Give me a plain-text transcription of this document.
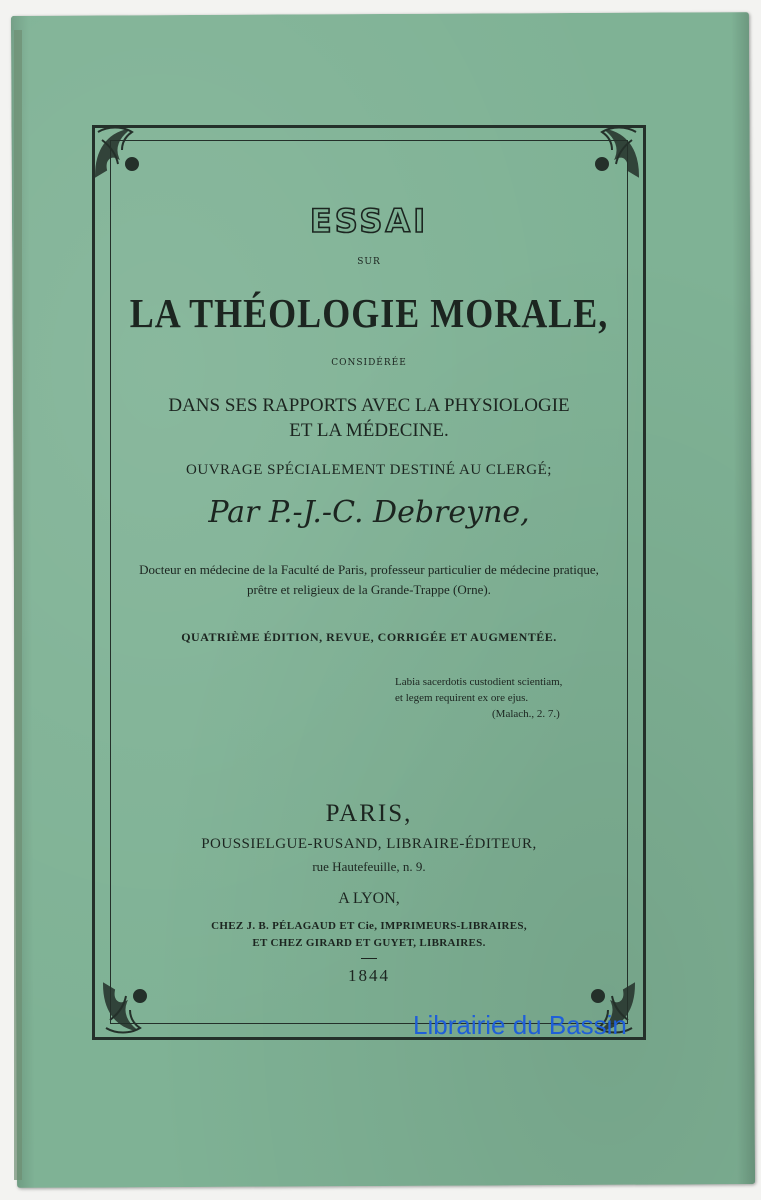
ESSAI
SUR
LA THÉOLOGIE MORALE,
CONSIDÉRÉE
DANS SES RAPPORTS AVEC LA PHYSIOLOGIE
ET LA MÉDECINE.
OUVRAGE SPÉCIALEMENT DESTINÉ AU CLERGÉ;
Par P.-J.-C. Debreyne,
Docteur en médecine de la Faculté de Paris, professeur particulier de médecine pratique,
prêtre et religieux de la Grande-Trappe (Orne).
QUATRIÈME ÉDITION, REVUE, CORRIGÉE ET AUGMENTÉE.
Labia sacerdotis custodient scientiam,
et legem requirent ex ore ejus.
(Malach., 2. 7.)
PARIS,
POUSSIELGUE-RUSAND, LIBRAIRE-ÉDITEUR,
rue Hautefeuille, n. 9.
A LYON,
CHEZ J. B. PÉLAGAUD ET Cie, IMPRIMEURS-LIBRAIRES,
ET CHEZ GIRARD ET GUYET, LIBRAIRES.
1844
Librairie du Bassin
